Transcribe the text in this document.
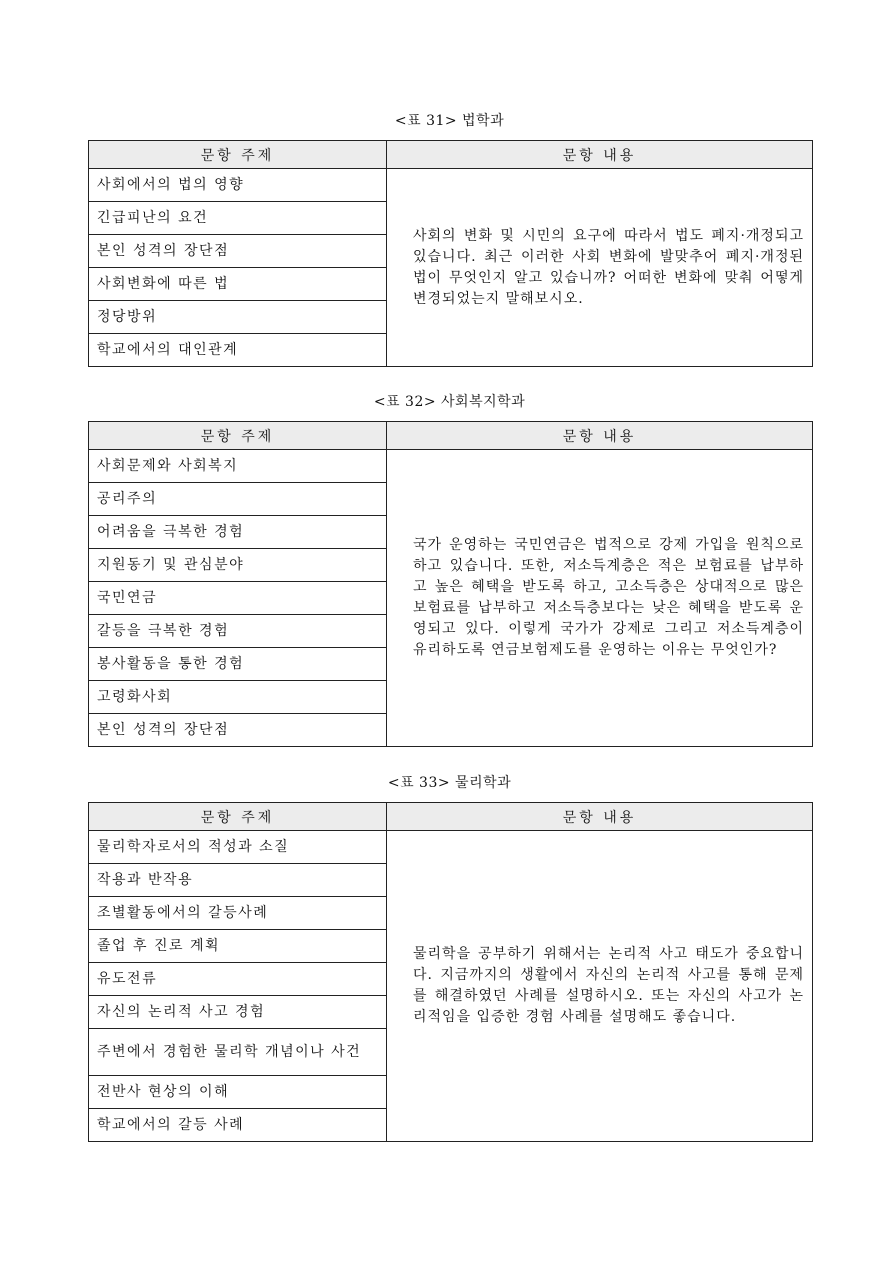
<표 31> 법학과
문항 주제	문항 내용
사회에서의 법의 영향	사회의 변화 및 시민의 요구에 따라서 법도 폐지·개정되고 있습니다. 최근 이러한 사회 변화에 발맞추어 폐지·개정된 법이 무엇인지 알고 있습니까? 어떠한 변화에 맞춰 어떻게 변경되었는지 말해보시오.
긴급피난의 요건	
본인 성격의 장단점	
사회변화에 따른 법	
정당방위	
학교에서의 대인관계	
<표 32> 사회복지학과
문항 주제	문항 내용
사회문제와 사회복지	국가 운영하는 국민연금은 법적으로 강제 가입을 원칙으로 하고 있습니다. 또한, 저소득계층은 적은 보험료를 납부하고 높은 혜택을 받도록 하고, 고소득층은 상대적으로 많은 보험료를 납부하고 저소득층보다는 낮은 혜택을 받도록 운영되고 있다. 이렇게 국가가 강제로 그리고 저소득계층이 유리하도록 연금보험제도를 운영하는 이유는 무엇인가?
공리주의	
어려움을 극복한 경험	
지원동기 및 관심분야	
국민연금	
갈등을 극복한 경험	
봉사활동을 통한 경험	
고령화사회	
본인 성격의 장단점	
<표 33> 물리학과
문항 주제	문항 내용
물리학자로서의 적성과 소질	물리학을 공부하기 위해서는 논리적 사고 태도가 중요합니다. 지금까지의 생활에서 자신의 논리적 사고를 통해 문제를 해결하였던 사례를 설명하시오. 또는 자신의 사고가 논리적임을 입증한 경험 사례를 설명해도 좋습니다.
작용과 반작용	
조별활동에서의 갈등사례	
졸업 후 진로 계획	
유도전류	
자신의 논리적 사고 경험	
주변에서 경험한 물리학 개념이나 사건	
전반사 현상의 이해	
학교에서의 갈등 사례	
